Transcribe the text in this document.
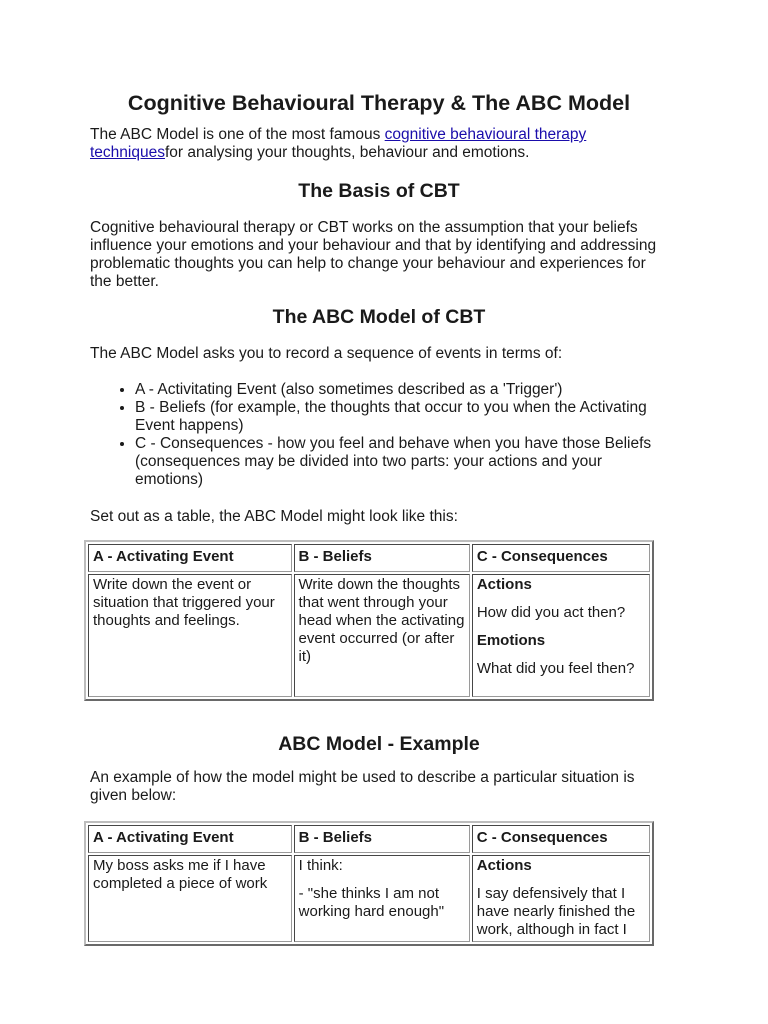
Cognitive Behavioural Therapy & The ABC Model

The ABC Model is one of the most famous cognitive behavioural therapy techniquesfor analysing your thoughts, behaviour and emotions.

The Basis of CBT

Cognitive behavioural therapy or CBT works on the assumption that your beliefs influence your emotions and your behaviour and that by identifying and addressing problematic thoughts you can help to change your behaviour and experiences for the better.

The ABC Model of CBT

The ABC Model asks you to record a sequence of events in terms of:

• A - Activitating Event (also sometimes described as a 'Trigger')
• B - Beliefs (for example, the thoughts that occur to you when the Activating Event happens)
• C - Consequences - how you feel and behave when you have those Beliefs (consequences may be divided into two parts: your actions and your emotions)

Set out as a table, the ABC Model might look like this:

A - Activating Event	B - Beliefs	C - Consequences
Write down the event or situation that triggered your thoughts and feelings.	Write down the thoughts that went through your head when the activating event occurred (or after it)	Actions
How did you act then?
Emotions
What did you feel then?
ABC Model - Example

An example of how the model might be used to describe a particular situation is given below:

A - Activating Event	B - Beliefs	C - Consequences
My boss asks me if I have completed a piece of work	I think:
- "she thinks I am not working hard enough"	Actions
I say defensively that I have nearly finished the work, although in fact I
